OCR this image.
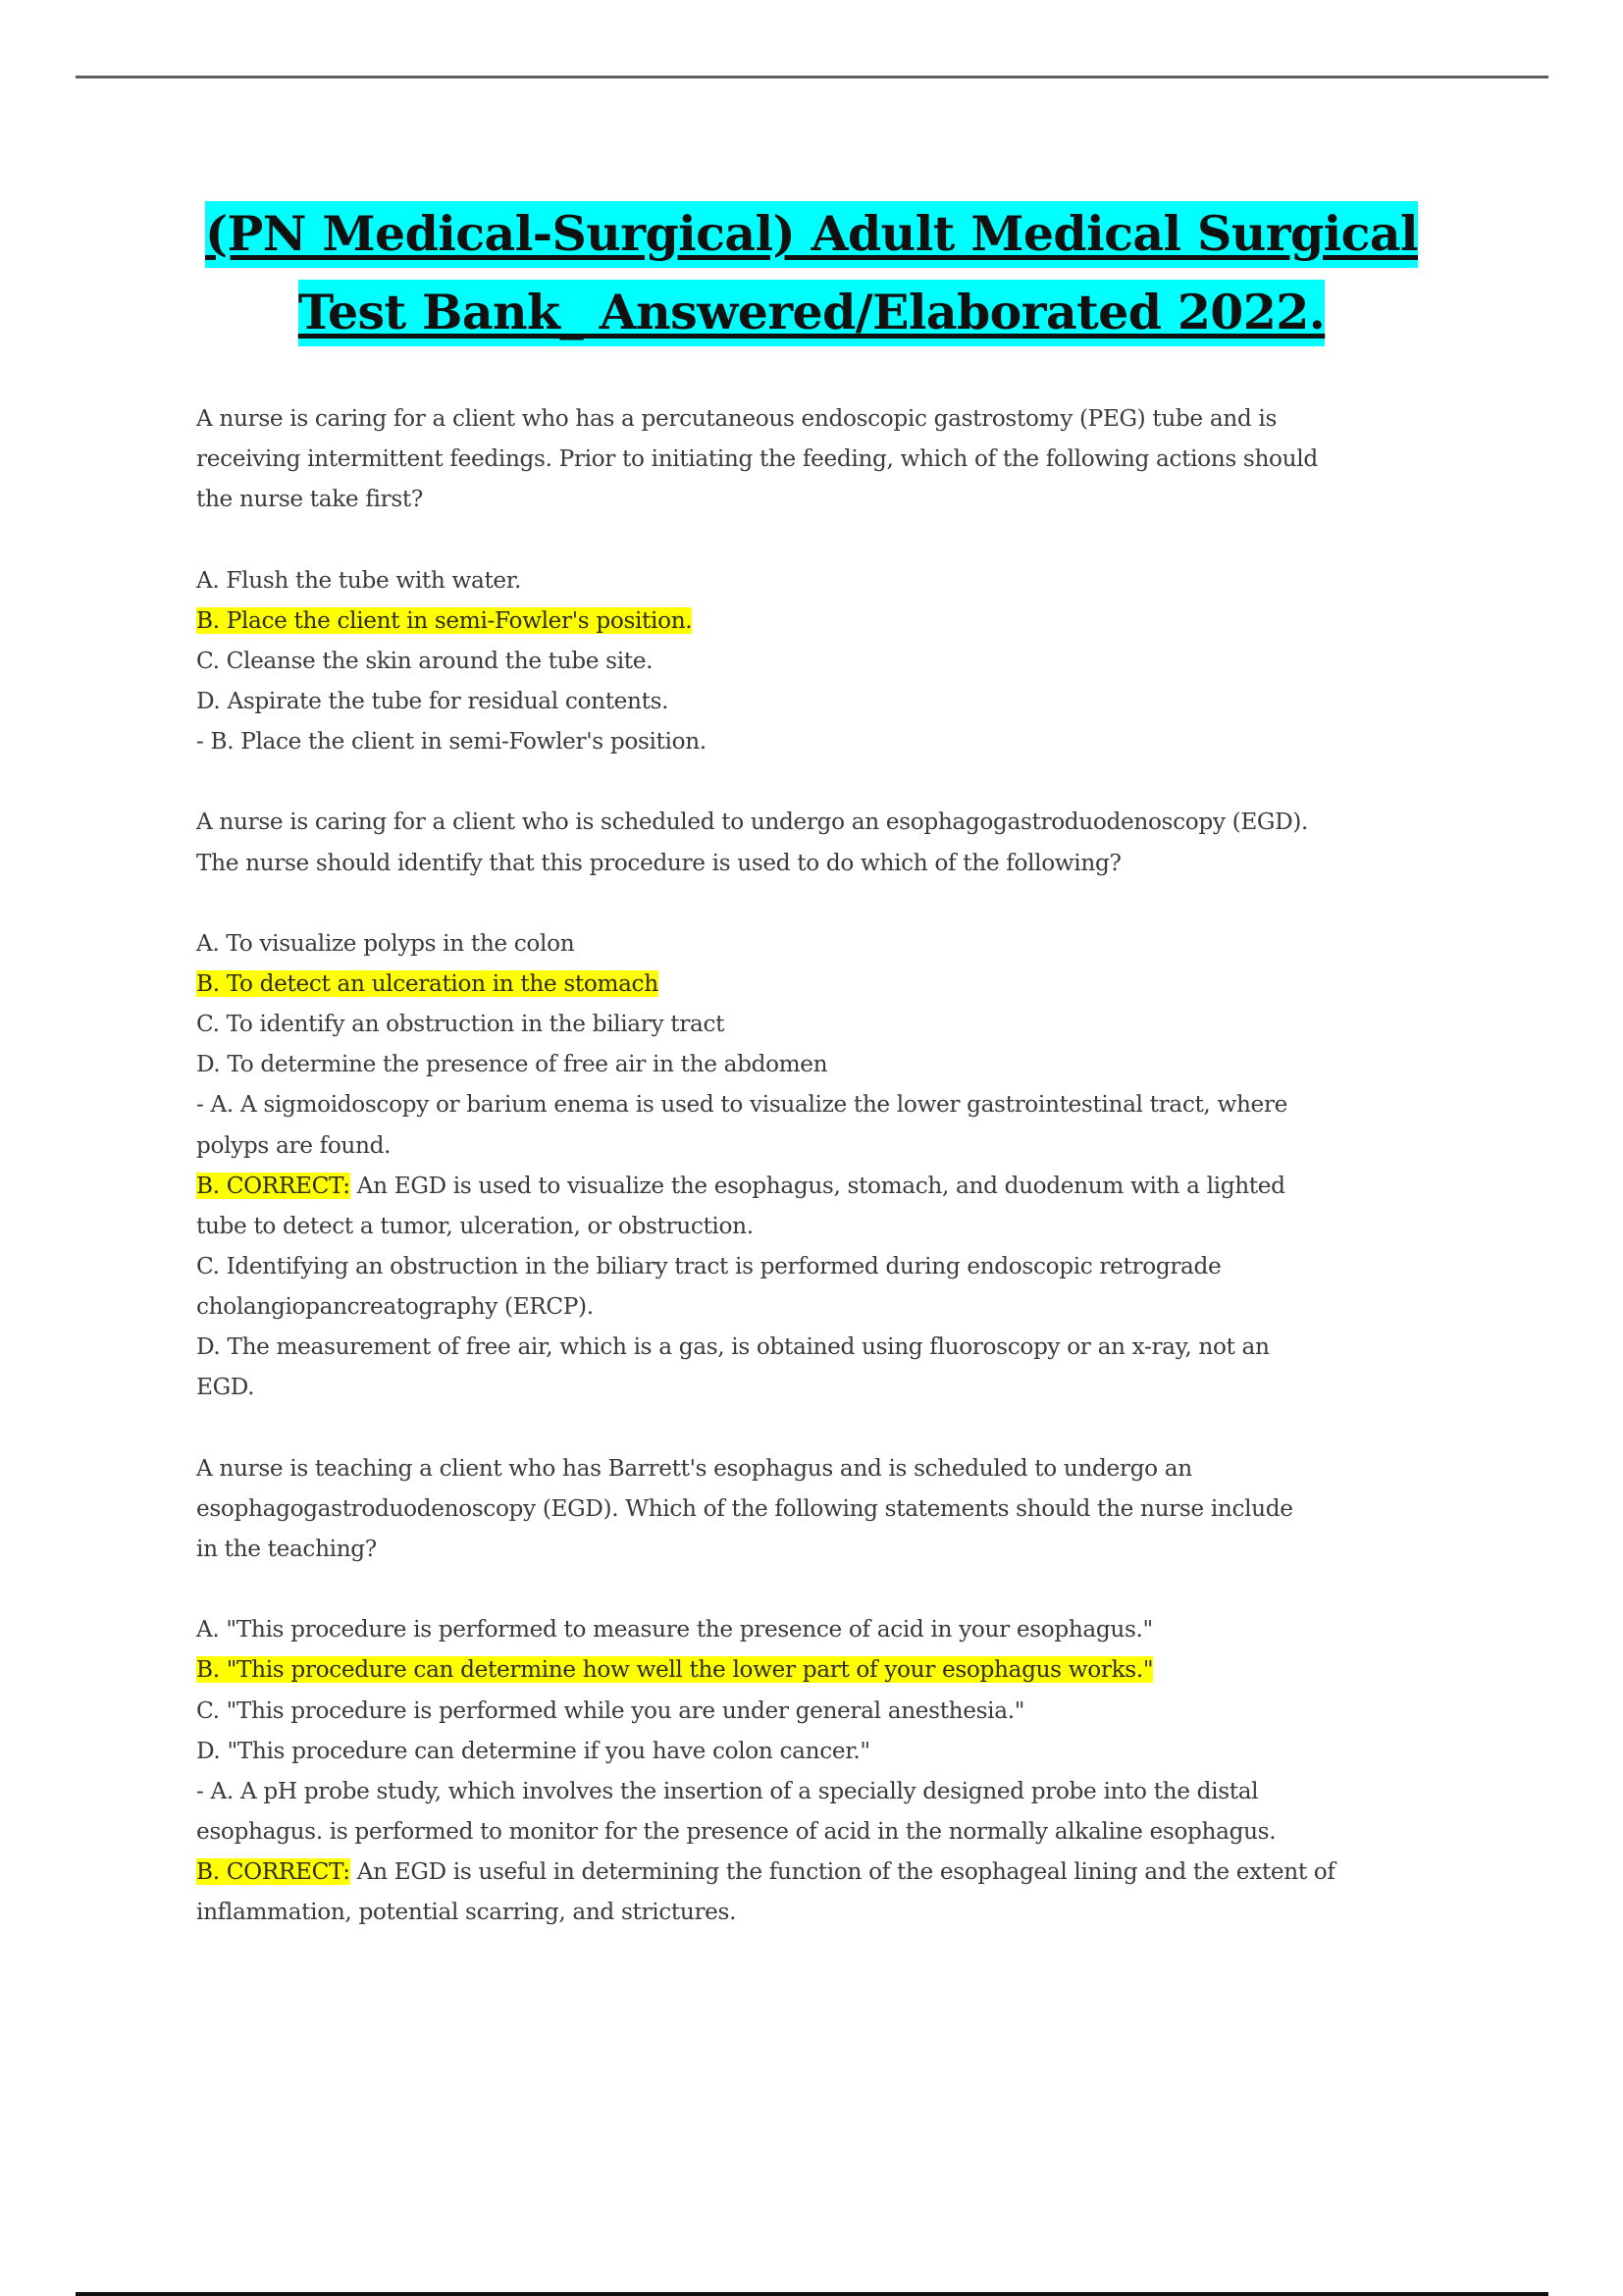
(PN Medical-Surgical) Adult Medical Surgical
Test Bank_ Answered/Elaborated 2022.
A nurse is caring for a client who has a percutaneous endoscopic gastrostomy (PEG) tube and is
receiving intermittent feedings. Prior to initiating the feeding, which of the following actions should
the nurse take first?
A. Flush the tube with water.
B. Place the client in semi-Fowler's position.
C. Cleanse the skin around the tube site.
D. Aspirate the tube for residual contents.
- B. Place the client in semi-Fowler's position.
A nurse is caring for a client who is scheduled to undergo an esophagogastroduodenoscopy (EGD).
The nurse should identify that this procedure is used to do which of the following?
A. To visualize polyps in the colon
B. To detect an ulceration in the stomach
C. To identify an obstruction in the biliary tract
D. To determine the presence of free air in the abdomen
- A. A sigmoidoscopy or barium enema is used to visualize the lower gastrointestinal tract, where
polyps are found.
B. CORRECT: An EGD is used to visualize the esophagus, stomach, and duodenum with a lighted
tube to detect a tumor, ulceration, or obstruction.
C. Identifying an obstruction in the biliary tract is performed during endoscopic retrograde
cholangiopancreatography (ERCP).
D. The measurement of free air, which is a gas, is obtained using fluoroscopy or an x-ray, not an
EGD.
A nurse is teaching a client who has Barrett's esophagus and is scheduled to undergo an
esophagogastroduodenoscopy (EGD). Which of the following statements should the nurse include
in the teaching?
A. "This procedure is performed to measure the presence of acid in your esophagus."
B. "This procedure can determine how well the lower part of your esophagus works."
C. "This procedure is performed while you are under general anesthesia."
D. "This procedure can determine if you have colon cancer."
- A. A pH probe study, which involves the insertion of a specially designed probe into the distal
esophagus. is performed to monitor for the presence of acid in the normally alkaline esophagus.
B. CORRECT: An EGD is useful in determining the function of the esophageal lining and the extent of
inflammation, potential scarring, and strictures.
